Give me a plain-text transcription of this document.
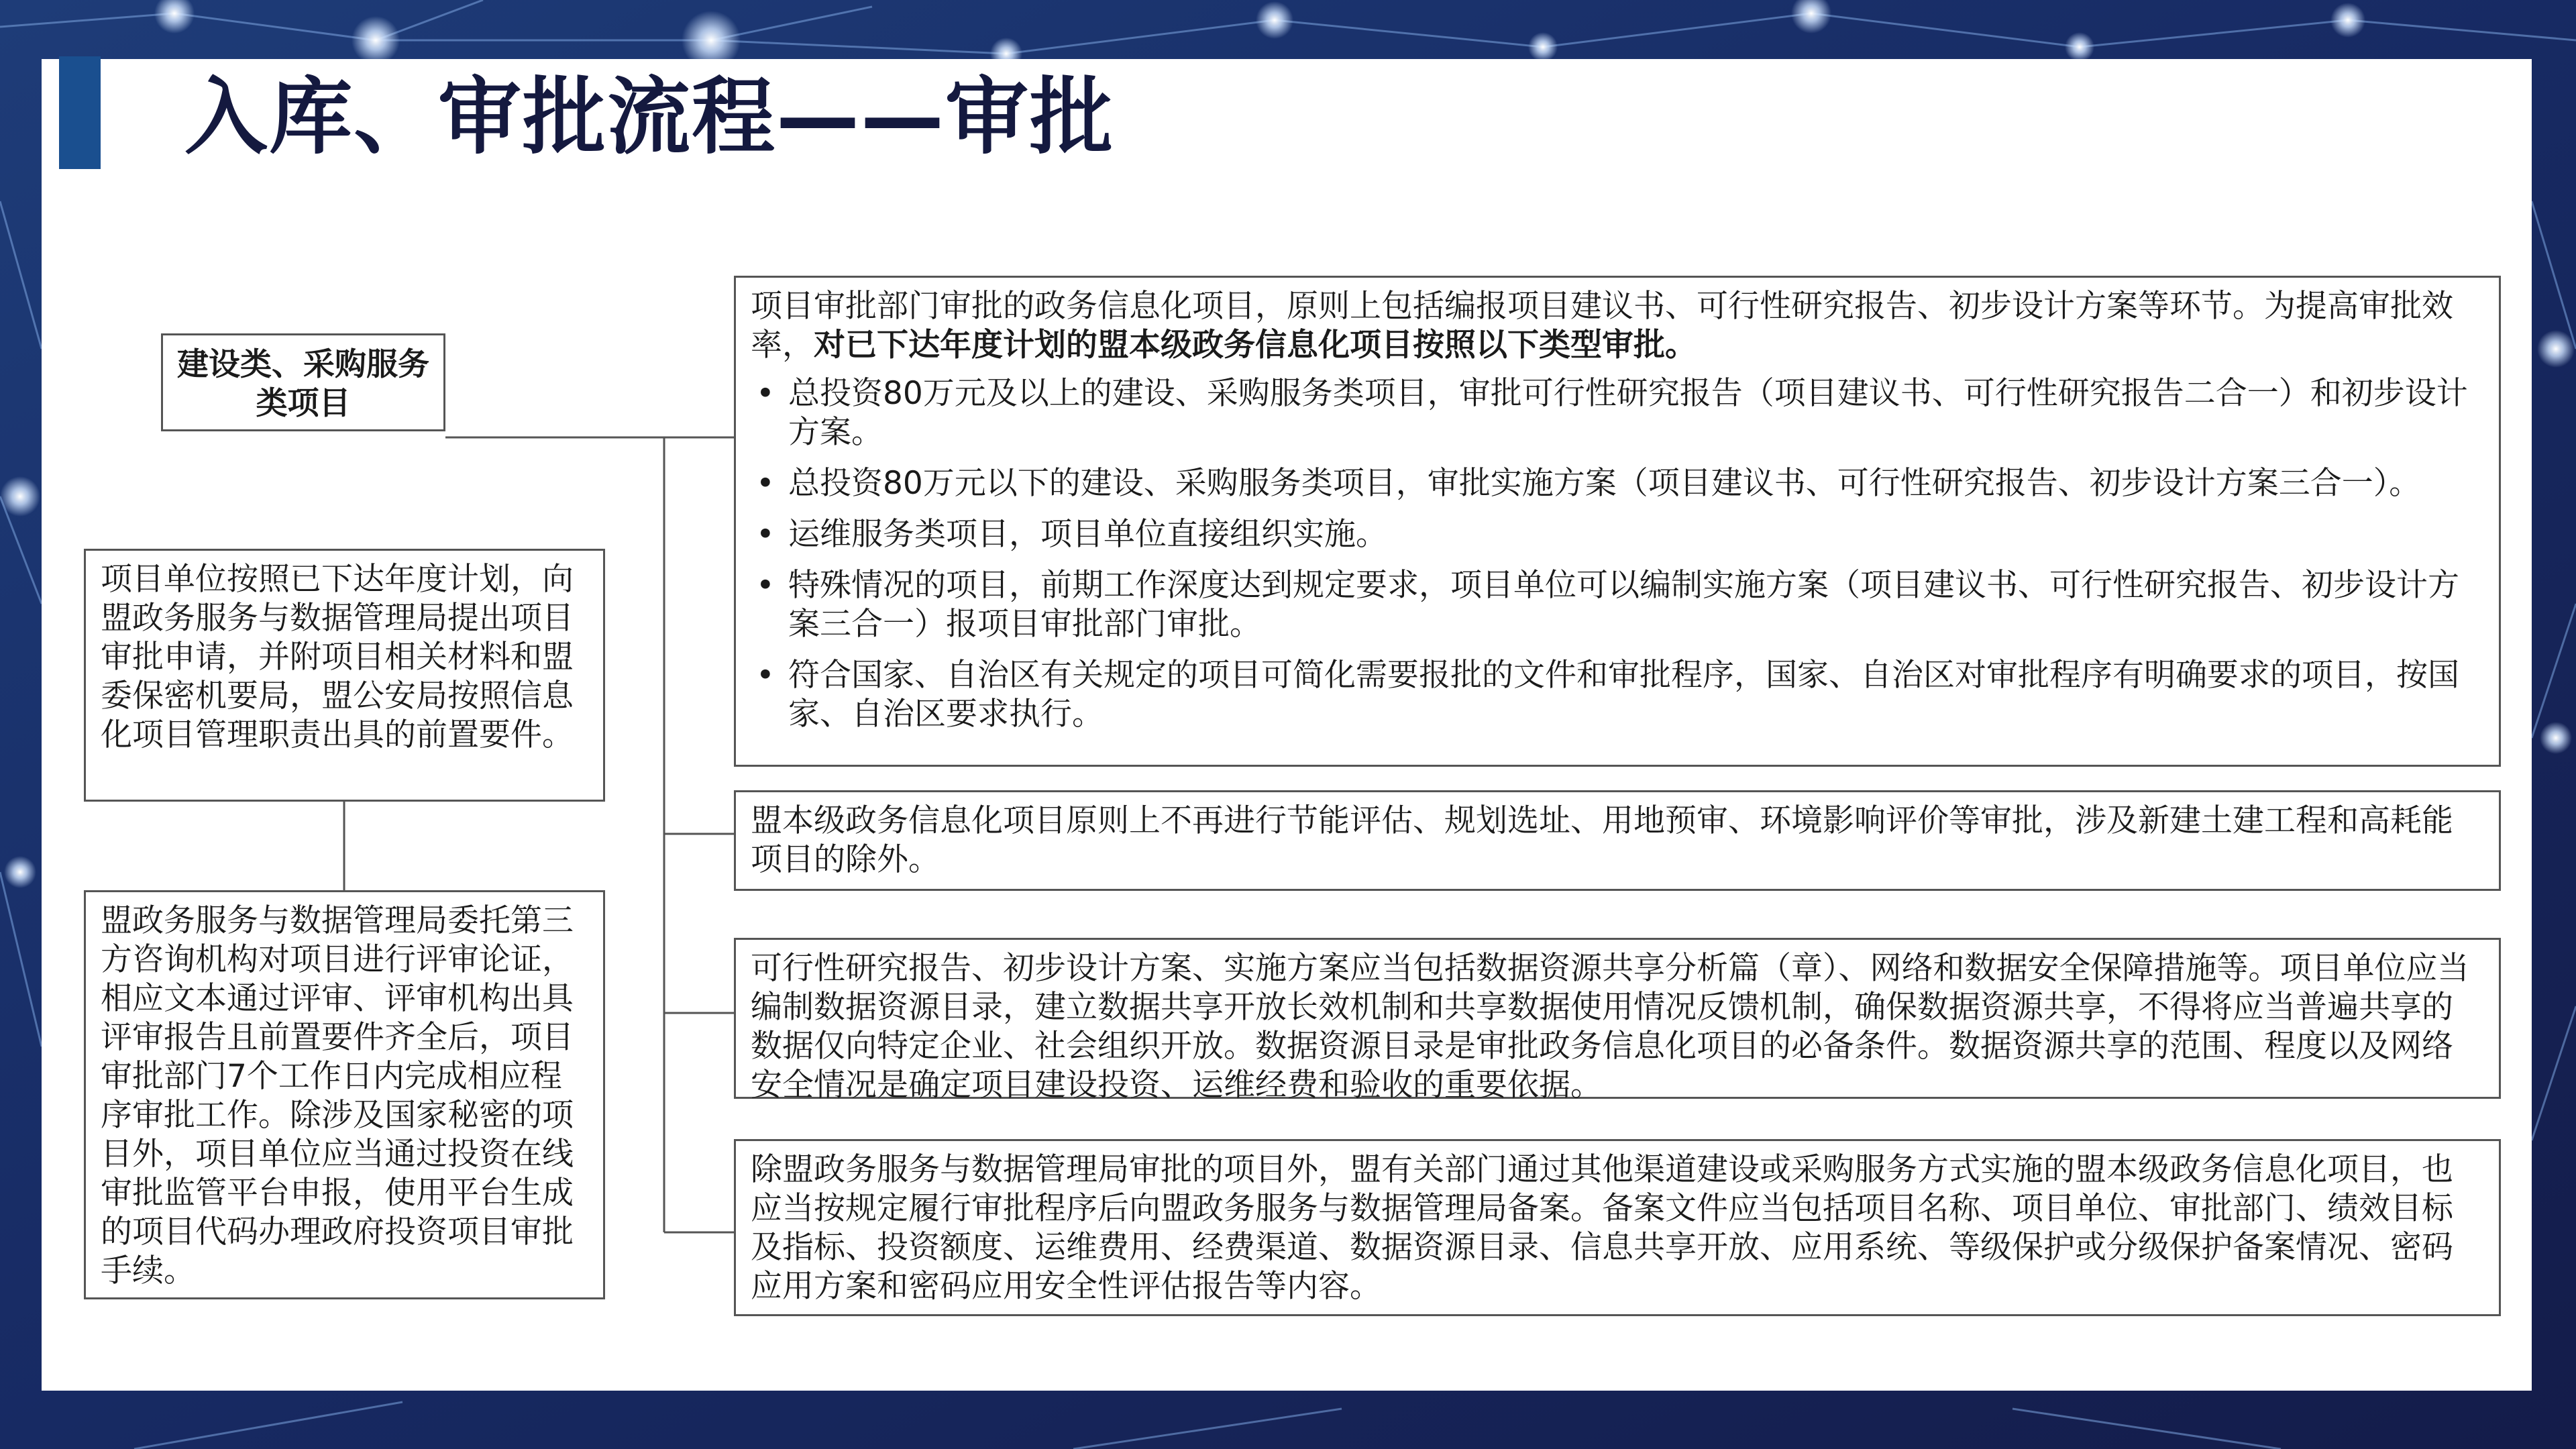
入库、审批流程——审批
建设类、采购服务类项目
项目单位按照已下达年度计划，向盟政务服务与数据管理局提出项目审批申请，并附项目相关材料和盟委保密机要局，盟公安局按照信息化项目管理职责出具的前置要件。
盟政务服务与数据管理局委托第三方咨询机构对项目进行评审论证，相应文本通过评审、评审机构出具评审报告且前置要件齐全后，项目审批部门7个工作日内完成相应程序审批工作。除涉及国家秘密的项目外，项目单位应当通过投资在线审批监管平台申报，使用平台生成的项目代码办理政府投资项目审批手续。
项目审批部门审批的政务信息化项目，原则上包括编报项目建议书、可行性研究报告、初步设计方案等环节。为提高审批效率，对已下达年度计划的盟本级政务信息化项目按照以下类型审批。
• 总投资80万元及以上的建设、采购服务类项目，审批可行性研究报告（项目建议书、可行性研究报告二合一）和初步设计方案。
• 总投资80万元以下的建设、采购服务类项目，审批实施方案（项目建议书、可行性研究报告、初步设计方案三合一）。
• 运维服务类项目，项目单位直接组织实施。
• 特殊情况的项目，前期工作深度达到规定要求，项目单位可以编制实施方案（项目建议书、可行性研究报告、初步设计方案三合一）报项目审批部门审批。
• 符合国家、自治区有关规定的项目可简化需要报批的文件和审批程序，国家、自治区对审批程序有明确要求的项目，按国家、自治区要求执行。
盟本级政务信息化项目原则上不再进行节能评估、规划选址、用地预审、环境影响评价等审批，涉及新建土建工程和高耗能项目的除外。
可行性研究报告、初步设计方案、实施方案应当包括数据资源共享分析篇（章）、网络和数据安全保障措施等。项目单位应当编制数据资源目录，建立数据共享开放长效机制和共享数据使用情况反馈机制，确保数据资源共享，不得将应当普遍共享的数据仅向特定企业、社会组织开放。数据资源目录是审批政务信息化项目的必备条件。数据资源共享的范围、程度以及网络安全情况是确定项目建设投资、运维经费和验收的重要依据。
除盟政务服务与数据管理局审批的项目外，盟有关部门通过其他渠道建设或采购服务方式实施的盟本级政务信息化项目，也应当按规定履行审批程序后向盟政务服务与数据管理局备案。备案文件应当包括项目名称、项目单位、审批部门、绩效目标及指标、投资额度、运维费用、经费渠道、数据资源目录、信息共享开放、应用系统、等级保护或分级保护备案情况、密码应用方案和密码应用安全性评估报告等内容。
